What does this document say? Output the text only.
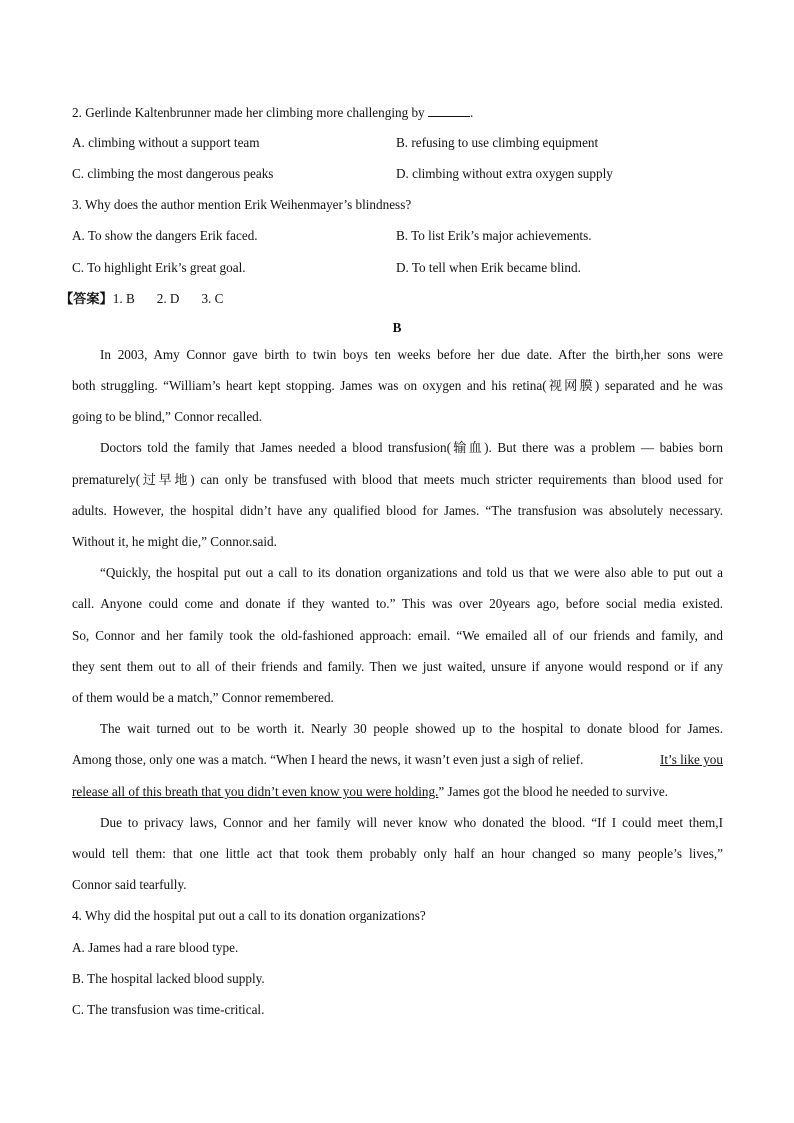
2. Gerlinde Kaltenbrunner made her climbing more challenging by	.
A. climbing without a support team	B. refusing to use climbing equipment
C. climbing the most dangerous peaks	D. climbing without extra oxygen supply
3. Why does the author mention Erik Weihenmayer’s blindness?
A. To show the dangers Erik faced.	B. To list Erik’s major achievements.
C. To highlight Erik’s great goal.	D. To tell when Erik became blind.
【答案】1. B 2. D 3. C
B
In 2003, Amy Connor gave birth to twin boys ten weeks before her due date. After the birth,her sons were
both struggling. “William’s heart kept stopping. James was on oxygen and his retina(视网膜) separated and he was
going to be blind,” Connor recalled.
Doctors told the family that James needed a blood transfusion(输血). But there was a problem — babies born
prematurely(过早地) can only be transfused with blood that meets much stricter requirements than blood used for
adults. However, the hospital didn’t have any qualified blood for James. “The transfusion was absolutely necessary.
Without it, he might die,” Connor.said.
“Quickly, the hospital put out a call to its donation organizations and told us that we were also able to put out a
call. Anyone could come and donate if they wanted to.” This was over 20years ago, before social media existed.
So, Connor and her family took the old-fashioned approach: email. “We emailed all of our friends and family, and
they sent them out to all of their friends and family. Then we just waited, unsure if anyone would respond or if any
of them would be a match,” Connor remembered.
The wait turned out to be worth it. Nearly 30 people showed up to the hospital to donate blood for James.
Among those, only one was a match. “When I heard the news, it wasn’t even just a sigh of relief.	It’s like you
release all of this breath that you didn’t even know you were holding.” James got the blood he needed to survive.
Due to privacy laws, Connor and her family will never know who donated the blood. “If I could meet them,I
would tell them: that one little act that took them probably only half an hour changed so many people’s lives,”
Connor said tearfully.
4. Why did the hospital put out a call to its donation organizations?
A. James had a rare blood type.
B. The hospital lacked blood supply.
C. The transfusion was time-critical.
